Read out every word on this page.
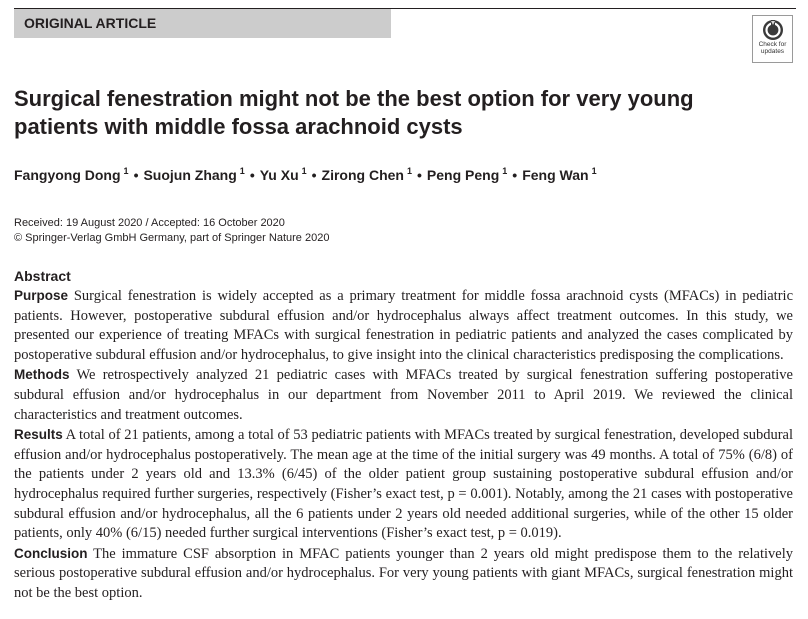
ORIGINAL ARTICLE
Check for
updates
Surgical fenestration might not be the best option for very young patients with middle fossa arachnoid cysts
Fangyong Dong $^1$ • Suojun Zhang $^1$ • Yu Xu $^1$ • Zirong Chen $^1$ • Peng Peng $^1$ • Feng Wan $^1$
Received: 19 August 2020 / Accepted: 16 October 2020
© Springer-Verlag GmbH Germany, part of Springer Nature 2020
Abstract

Purpose Surgical fenestration is widely accepted as a primary treatment for middle fossa arachnoid cysts (MFACs) in pediatric patients. However, postoperative subdural effusion and/or hydrocephalus always affect treatment outcomes. In this study, we presented our experience of treating MFACs with surgical fenestration in pediatric patients and analyzed the cases complicated by postoperative subdural effusion and/or hydrocephalus, to give insight into the clinical characteristics predisposing the complications.

Methods We retrospectively analyzed 21 pediatric cases with MFACs treated by surgical fenestration suffering postoperative subdural effusion and/or hydrocephalus in our department from November 2011 to April 2019. We reviewed the clinical characteristics and treatment outcomes.

Results A total of 21 patients, among a total of 53 pediatric patients with MFACs treated by surgical fenestration, developed subdural effusion and/or hydrocephalus postoperatively. The mean age at the time of the initial surgery was 49 months. A total of 75% (6/8) of the patients under 2 years old and 13.3% (6/45) of the older patient group sustaining postoperative subdural effusion and/or hydrocephalus required further surgeries, respectively (Fisher’s exact test, p = 0.001). Notably, among the 21 cases with postoperative subdural effusion and/or hydrocephalus, all the 6 patients under 2 years old needed additional surgeries, while of the other 15 older patients, only 40% (6/15) needed further surgical interventions (Fisher’s exact test, p = 0.019).

Conclusion The immature CSF absorption in MFAC patients younger than 2 years old might predispose them to the relatively serious postoperative subdural effusion and/or hydrocephalus. For very young patients with giant MFACs, surgical fenestration might not be the best option.
